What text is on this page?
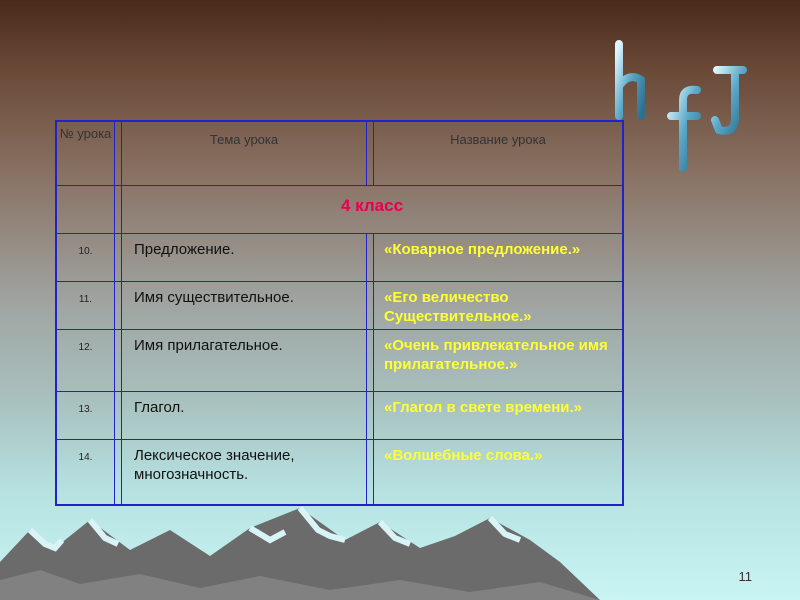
№ урока		Тема урока		Название урока
		4 класс		
10.		Предложение.		«Коварное предложение.»
11.		Имя существительное.		«Его величество Существительное.»
12.		Имя прилагательное.		«Очень привлекательное имя прилагательное.»
13.		Глагол.		«Глагол в свете времени.»
14.		Лексическое значение, многозначность.		«Волшебные слова.»
11
